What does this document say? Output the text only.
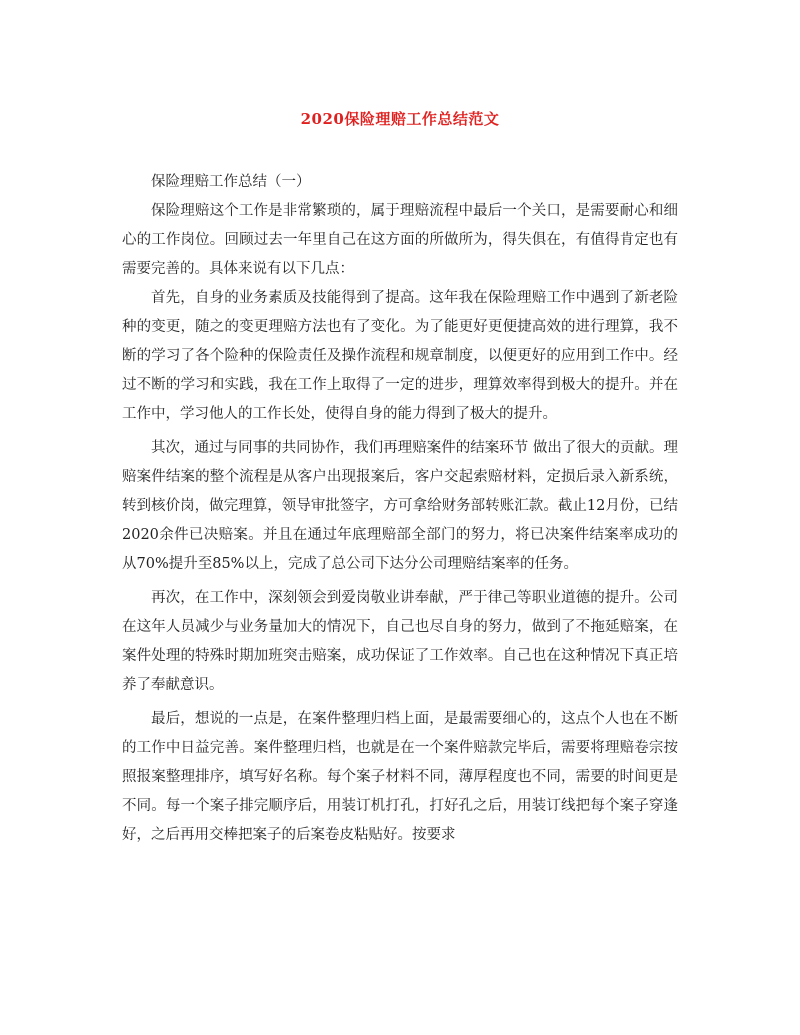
2020保险理赔工作总结范文

保险理赔工作总结（一）

保险理赔这个工作是非常繁琐的，属于理赔流程中最后一个关口，是需要耐心和细心的工作岗位。回顾过去一年里自己在这方面的所做所为，得失俱在，有值得肯定也有需要完善的。具体来说有以下几点：

首先，自身的业务素质及技能得到了提高。这年我在保险理赔工作中遇到了新老险种的变更，随之的变更理赔方法也有了变化。为了能更好更便捷高效的进行理算，我不断的学习了各个险种的保险责任及操作流程和规章制度，以便更好的应用到工作中。经过不断的学习和实践，我在工作上取得了一定的进步，理算效率得到极大的提升。并在工作中，学习他人的工作长处，使得自身的能力得到了极大的提升。

其次，通过与同事的共同协作，我们再理赔案件的结案环节 做出了很大的贡献。理赔案件结案的整个流程是从客户出现报案后，客户交起索赔材料，定损后录入新系统，转到核价岗，做完理算，领导审批签字，方可拿给财务部转账汇款。截止12月份，已结2020余件已决赔案。并且在通过年底理赔部全部门的努力，将已决案件结案率成功的从70%提升至85%以上，完成了总公司下达分公司理赔结案率的任务。

再次，在工作中，深刻领会到爱岗敬业讲奉献，严于律己等职业道德的提升。公司在这年人员减少与业务量加大的情况下，自己也尽自身的努力，做到了不拖延赔案，在案件处理的特殊时期加班突击赔案，成功保证了工作效率。自己也在这种情况下真正培养了奉献意识。

最后，想说的一点是，在案件整理归档上面，是最需要细心的，这点个人也在不断的工作中日益完善。案件整理归档，也就是在一个案件赔款完毕后，需要将理赔卷宗按照报案整理排序，填写好名称。每个案子材料不同，薄厚程度也不同，需要的时间更是不同。每一个案子排完顺序后，用装订机打孔，打好孔之后，用装订线把每个案子穿逢好，之后再用交棒把案子的后案卷皮粘贴好。按要求
